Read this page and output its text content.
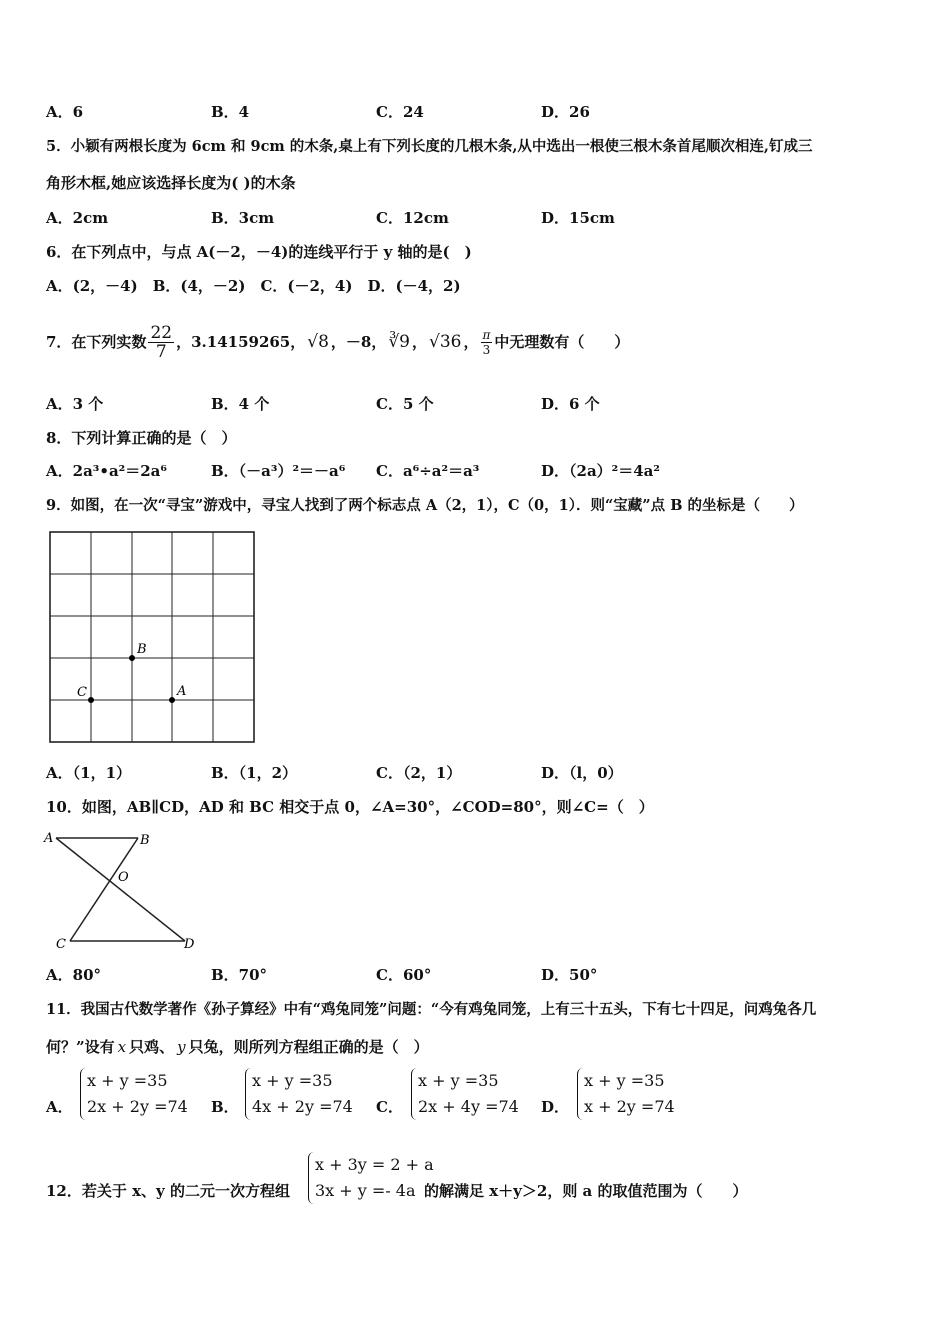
A．6	B．4	C．24	D．26
5．小颖有两根长度为 6cm 和 9cm 的木条,桌上有下列长度的几根木条,从中选出一根使三根木条首尾顺次相连,钉成三
角形木框,她应该选择长度为( )的木条
A．2cm	B．3cm	C．12cm	D．15cm
6．在下列点中，与点 A(－2，－4)的连线平行于 y 轴的是(　)
A．(2，－4)　B．(4，－2)　C．(－2，4)　D．(－4，2)
7．在下列实数 $\frac{22}{7}$ ，3.14159265， √8 ，－8， ∛9 ， √36 ， $\frac{\pi}{3}$ 中无理数有（　　）
A．3 个	B．4 个	C．5 个	D．6 个
8．下列计算正确的是（　）
A．2a³•a²＝2a⁶	B．（－a³）²＝－a⁶ C．a⁶÷a²＝a³	D．（2a）²＝4a²
9．如图，在一次“寻宝”游戏中，寻宝人找到了两个标志点 A（2，1），C（0，1）．则“宝藏”点 B 的坐标是（　　）
B
C	A
A．（1，1）	B．（1，2）	C．（2，1）	D．（l，0）
10．如图，AB∥CD，AD 和 BC 相交于点 0，∠A=30°，∠COD=80°，则∠C=（　）
A	B
O
C	D
A．80°	B．70°	C．60°	D．50°
11．我国古代数学著作《孙子算经》中有“鸡兔同笼”问题：“今有鸡兔同笼，上有三十五头，下有七十四足，问鸡兔各几
何？”设有 x 只鸡、 y 只兔，则所列方程组正确的是（　）
A．
x + y =35
2x + 2y =74 B．
x + y =35
4x + 2y =74 C．
x + y =35
2x + 4y =74 D．
x + y =35
x + 2y =74
12．若关于 x、y 的二元一次方程组
x + 3y = 2 + a
3x + y =- 4a 的解满足 x＋y＞2，则 a 的取值范围为（　　）
